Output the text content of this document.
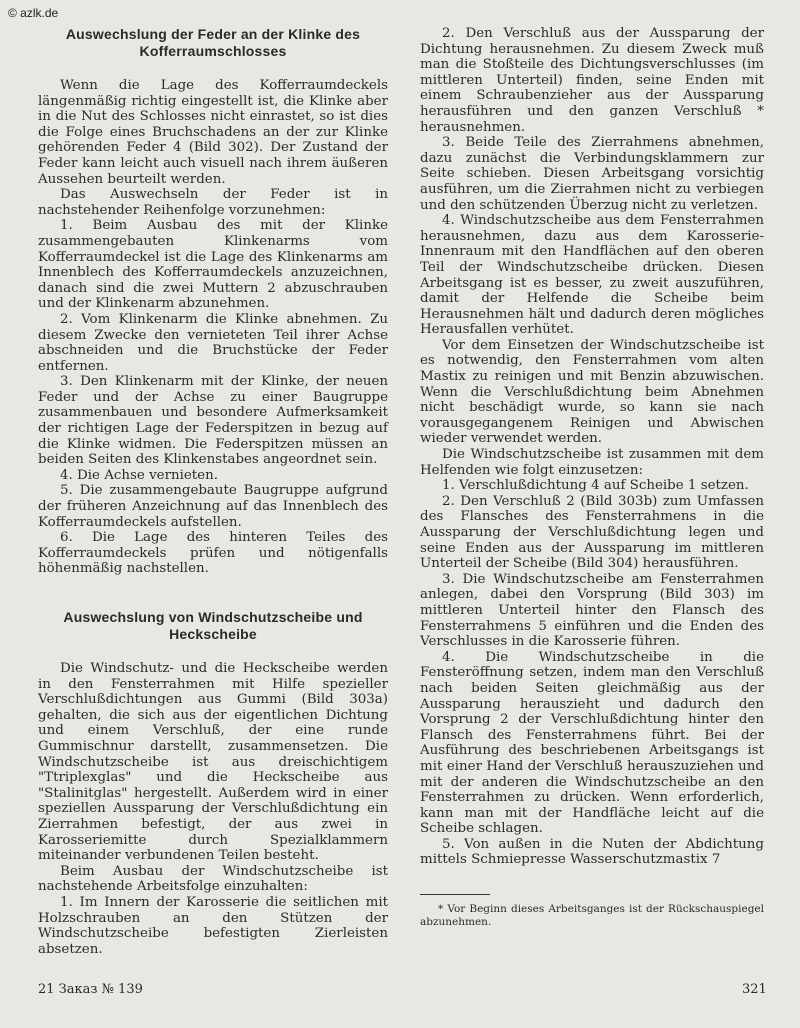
© azlk.de
Auswechslung der Feder an der Klinke des Kofferraumschlosses

Wenn die Lage des Kofferraumdeckels längenmäßig richtig eingestellt ist, die Klinke aber in die Nut des Schlosses nicht einrastet, so ist dies die Folge eines Bruchschadens an der zur Klinke gehörenden Feder 4 (Bild 302). Der Zustand der Feder kann leicht auch visuell nach ihrem äußeren Aussehen beurteilt werden.

Das Auswechseln der Feder ist in nachstehender Reihenfolge vorzunehmen:

1. Beim Ausbau des mit der Klinke zusammengebauten Klinkenarms vom Kofferraumdeckel ist die Lage des Klinkenarms am Innenblech des Kofferraumdeckels anzuzeichnen, danach sind die zwei Muttern 2 abzuschrauben und der Klinkenarm abzunehmen.

2. Vom Klinkenarm die Klinke abnehmen. Zu diesem Zwecke den vernieteten Teil ihrer Achse abschneiden und die Bruchstücke der Feder entfernen.

3. Den Klinkenarm mit der Klinke, der neuen Feder und der Achse zu einer Baugruppe zusammenbauen und besondere Aufmerksamkeit der richtigen Lage der Federspitzen in bezug auf die Klinke widmen. Die Federspitzen müssen an beiden Seiten des Klinkenstabes angeordnet sein.

4. Die Achse vernieten.

5. Die zusammengebaute Baugruppe aufgrund der früheren Anzeichnung auf das Innenblech des Kofferraumdeckels aufstellen.

6. Die Lage des hinteren Teiles des Kofferraumdeckels prüfen und nötigenfalls höhenmäßig nachstellen.

Auswechslung von Windschutzscheibe und Heckscheibe

Die Windschutz- und die Heckscheibe werden in den Fensterrahmen mit Hilfe spezieller Verschlußdichtungen aus Gummi (Bild 303a) gehalten, die sich aus der eigentlichen Dichtung und einem Verschluß, der eine runde Gummischnur darstellt, zusammensetzen. Die Windschutzscheibe ist aus dreischichtigem "Ttriplexglas" und die Heckscheibe aus "Stalinitglas" hergestellt. Außerdem wird in einer speziellen Aussparung der Verschlußdichtung ein Zierrahmen befestigt, der aus zwei in Karosseriemitte durch Spezialklammern miteinander verbundenen Teilen besteht.

Beim Ausbau der Windschutzscheibe ist nachstehende Arbeitsfolge einzuhalten:

1. Im Innern der Karosserie die seitlichen mit Holzschrauben an den Stützen der Windschutzscheibe befestigten Zierleisten absetzen.

2. Den Verschluß aus der Aussparung der Dichtung herausnehmen. Zu diesem Zweck muß man die Stoßteile des Dichtungsverschlusses (im mittleren Unterteil) finden, seine Enden mit einem Schraubenzieher aus der Aussparung herausführen und den ganzen Verschluß * herausnehmen.

3. Beide Teile des Zierrahmens abnehmen, dazu zunächst die Verbindungsklammern zur Seite schieben. Diesen Arbeitsgang vorsichtig ausführen, um die Zierrahmen nicht zu verbiegen und den schützenden Überzug nicht zu verletzen.

4. Windschutzscheibe aus dem Fensterrahmen herausnehmen, dazu aus dem Karosserie-Innenraum mit den Handflächen auf den oberen Teil der Windschutzscheibe drücken. Diesen Arbeitsgang ist es besser, zu zweit auszuführen, damit der Helfende die Scheibe beim Herausnehmen hält und dadurch deren mögliches Herausfallen verhütet.

Vor dem Einsetzen der Windschutzscheibe ist es notwendig, den Fensterrahmen vom alten Mastix zu reinigen und mit Benzin abzuwischen. Wenn die Verschlußdichtung beim Abnehmen nicht beschädigt wurde, so kann sie nach vorausgegangenem Reinigen und Abwischen wieder verwendet werden.

Die Windschutzscheibe ist zusammen mit dem Helfenden wie folgt einzusetzen:

1. Verschlußdichtung 4 auf Scheibe 1 setzen.

2. Den Verschluß 2 (Bild 303b) zum Umfassen des Flansches des Fensterrahmens in die Aussparung der Verschlußdichtung legen und seine Enden aus der Aussparung im mittleren Unterteil der Scheibe (Bild 304) herausführen.

3. Die Windschutzscheibe am Fensterrahmen anlegen, dabei den Vorsprung (Bild 303) im mittleren Unterteil hinter den Flansch des Fensterrahmens 5 einführen und die Enden des Verschlusses in die Karosserie führen.

4. Die Windschutzscheibe in die Fensteröffnung setzen, indem man den Verschluß nach beiden Seiten gleichmäßig aus der Aussparung herauszieht und dadurch den Vorsprung 2 der Verschlußdichtung hinter den Flansch des Fensterrahmens führt. Bei der Ausführung des beschriebenen Arbeitsgangs ist mit einer Hand der Verschluß herauszuziehen und mit der anderen die Windschutzscheibe an den Fensterrahmen zu drücken. Wenn erforderlich, kann man mit der Handfläche leicht auf die Scheibe schlagen.

5. Von außen in die Nuten der Abdichtung mittels Schmiepresse Wasserschutzmastix 7

* Vor Beginn dieses Arbeitsganges ist der Rückschauspiegel abzunehmen.

21 Заказ № 139	321
